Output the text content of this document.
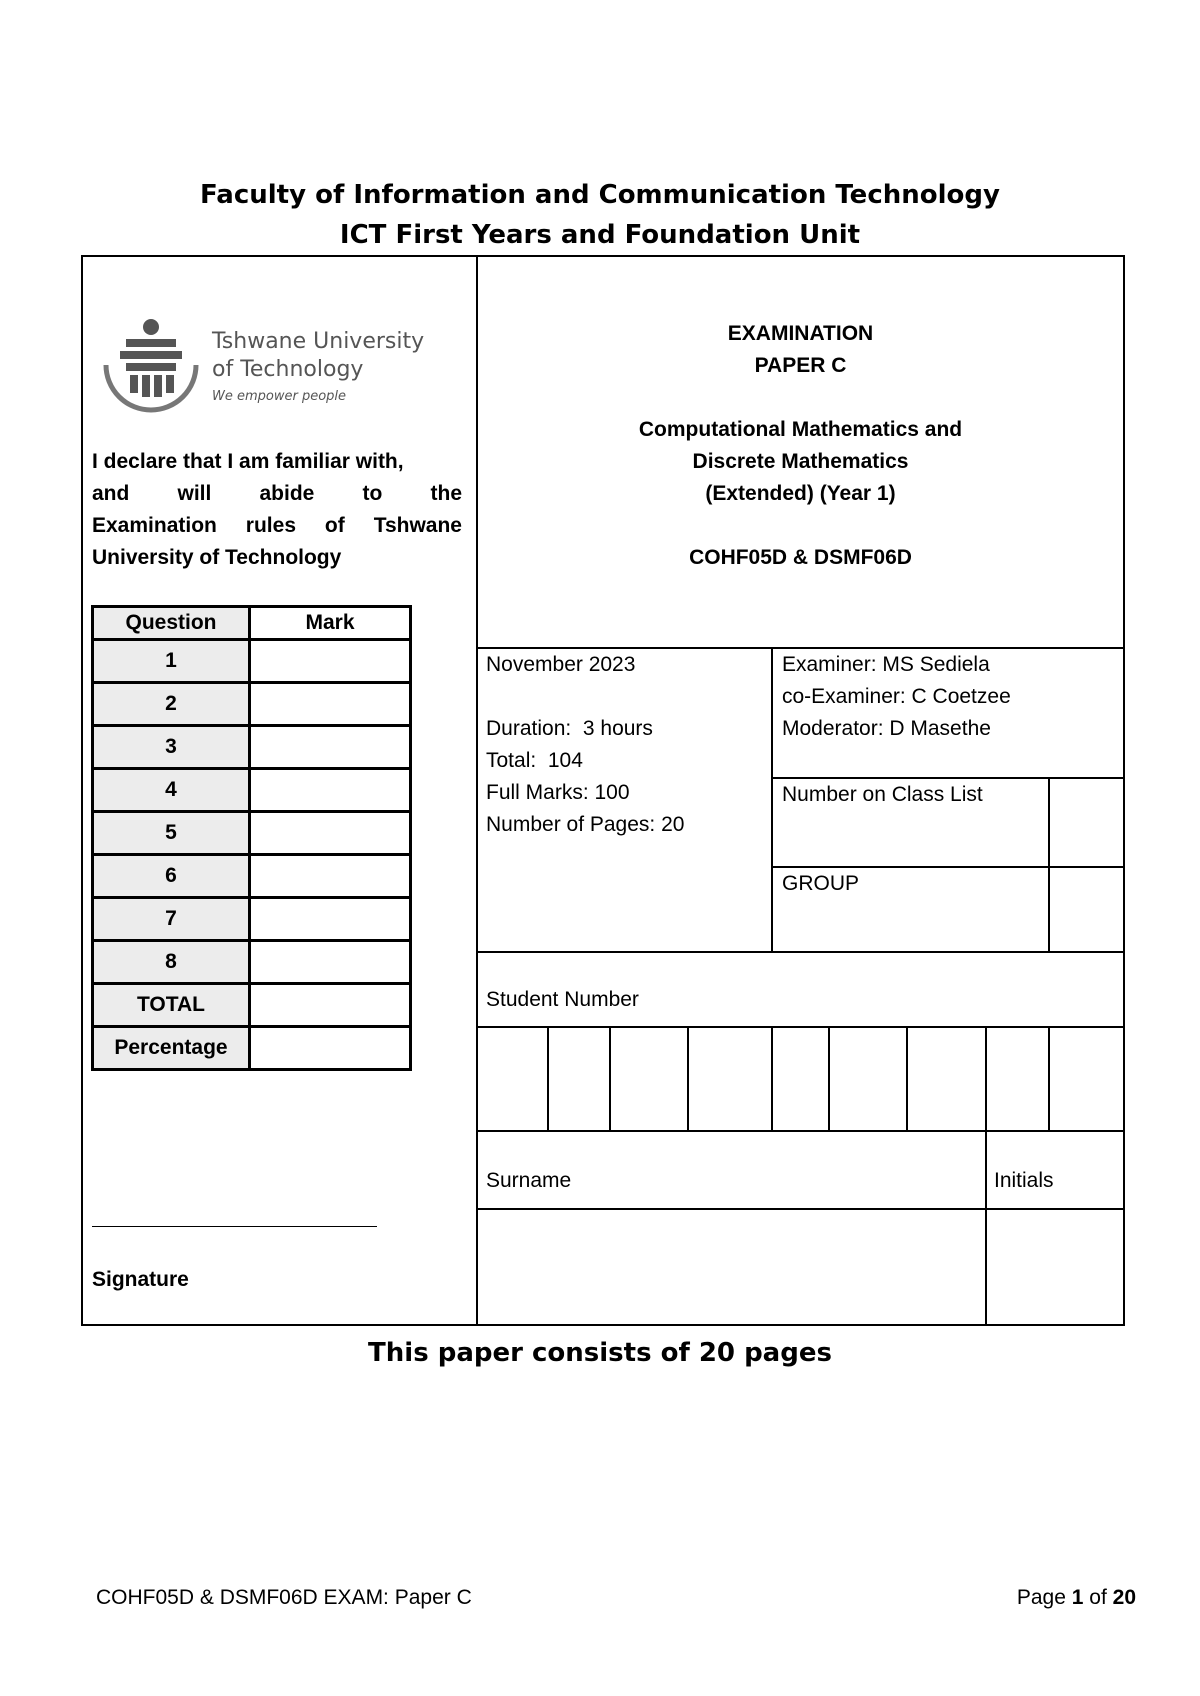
Faculty of Information and Communication Technology
ICT First Years and Foundation Unit
Tshwane University
of Technology
We empower people
I declare that I am familiar with,
and will abide to the
Examination rules of Tshwane
University of Technology
Question	Mark
1	
2	
3	
4	
5	
6	
7	
8	
TOTAL	
Percentage	
Signature
EXAMINATION
PAPER C
Computational Mathematics and
Discrete Mathematics
(Extended) (Year 1)
COHF05D & DSMF06D
November 2023
Duration:  3 hours
Total:  104
Full Marks: 100
Number of Pages: 20
Examiner: MS Sediela
co-Examiner: C Coetzee
Moderator: D Masethe
Number on Class List
GROUP
Student Number
Surname	Initials
This paper consists of 20 pages
COHF05D & DSMF06D EXAM: Paper C	Page 1 of 20
